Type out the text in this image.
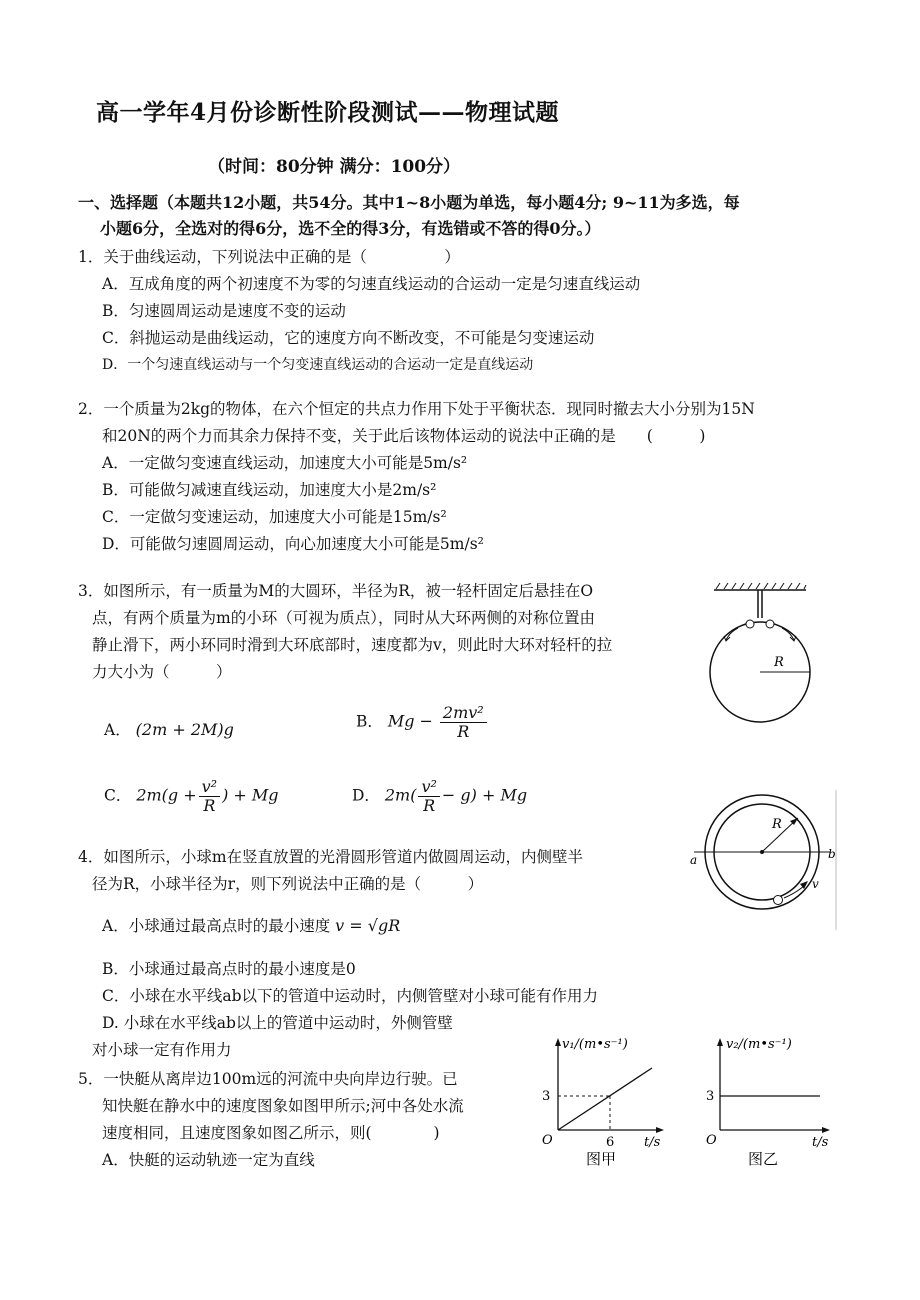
高一学年4月份诊断性阶段测试——物理试题
（时间：80分钟 满分：100分）
一、选择题（本题共12小题，共54分。其中1~8小题为单选，每小题4分; 9~11为多选，每
小题6分，全选对的得6分，选不全的得3分，有选错或不答的得0分。）
1．关于曲线运动，下列说法中正确的是（　　　　　）
A．互成角度的两个初速度不为零的匀速直线运动的合运动一定是匀速直线运动
B．匀速圆周运动是速度不变的运动
C．斜抛运动是曲线运动，它的速度方向不断改变，不可能是匀变速运动
D．一个匀速直线运动与一个匀变速直线运动的合运动一定是直线运动
2．一个质量为2kg的物体，在六个恒定的共点力作用下处于平衡状态．现同时撤去大小分别为15N
和20N的两个力而其余力保持不变，关于此后该物体运动的说法中正确的是　　(　　　)
A．一定做匀变速直线运动，加速度大小可能是5m/s²
B．可能做匀减速直线运动，加速度大小是2m/s²
C．一定做匀变速运动，加速度大小可能是15m/s²
D．可能做匀速圆周运动，向心加速度大小可能是5m/s²
3．如图所示，有一质量为M的大圆环，半径为R，被一轻杆固定后悬挂在O
点，有两个质量为m的小环（可视为质点），同时从大环两侧的对称位置由
静止滑下，两小环同时滑到大环底部时，速度都为v，则此时大环对轻杆的拉
力大小为（　　　）
A． (2m + 2M)g	B． $Mg - \frac{\text{2mv²}}{R}$
C． $2m(g + \frac{\text{v²}}{R}$ ) + Mg	D． $2m( \frac{\text{v²}}{R} - g) + Mg$
R
4．如图所示，小球m在竖直放置的光滑圆形管道内做圆周运动，内侧壁半
径为R，小球半径为r，则下列说法中正确的是（　　　）
A．小球通过最高点时的最小速度 v = √gR
B．小球通过最高点时的最小速度是0
C．小球在水平线ab以下的管道中运动时，内侧管壁对小球可能有作用力
D. 小球在水平线ab以上的管道中运动时，外侧管壁
对小球一定有作用力
R
a	b
v
5．一快艇从离岸边100m远的河流中央向岸边行驶。已
知快艇在静水中的速度图象如图甲所示;河中各处水流
速度相同，且速度图象如图乙所示，则(　　　　)
A．快艇的运动轨迹一定为直线
v₁/(m•s⁻¹)
3
6 t/s
O
图甲
v₂/(m•s⁻¹)
3
t/s
O
图乙
